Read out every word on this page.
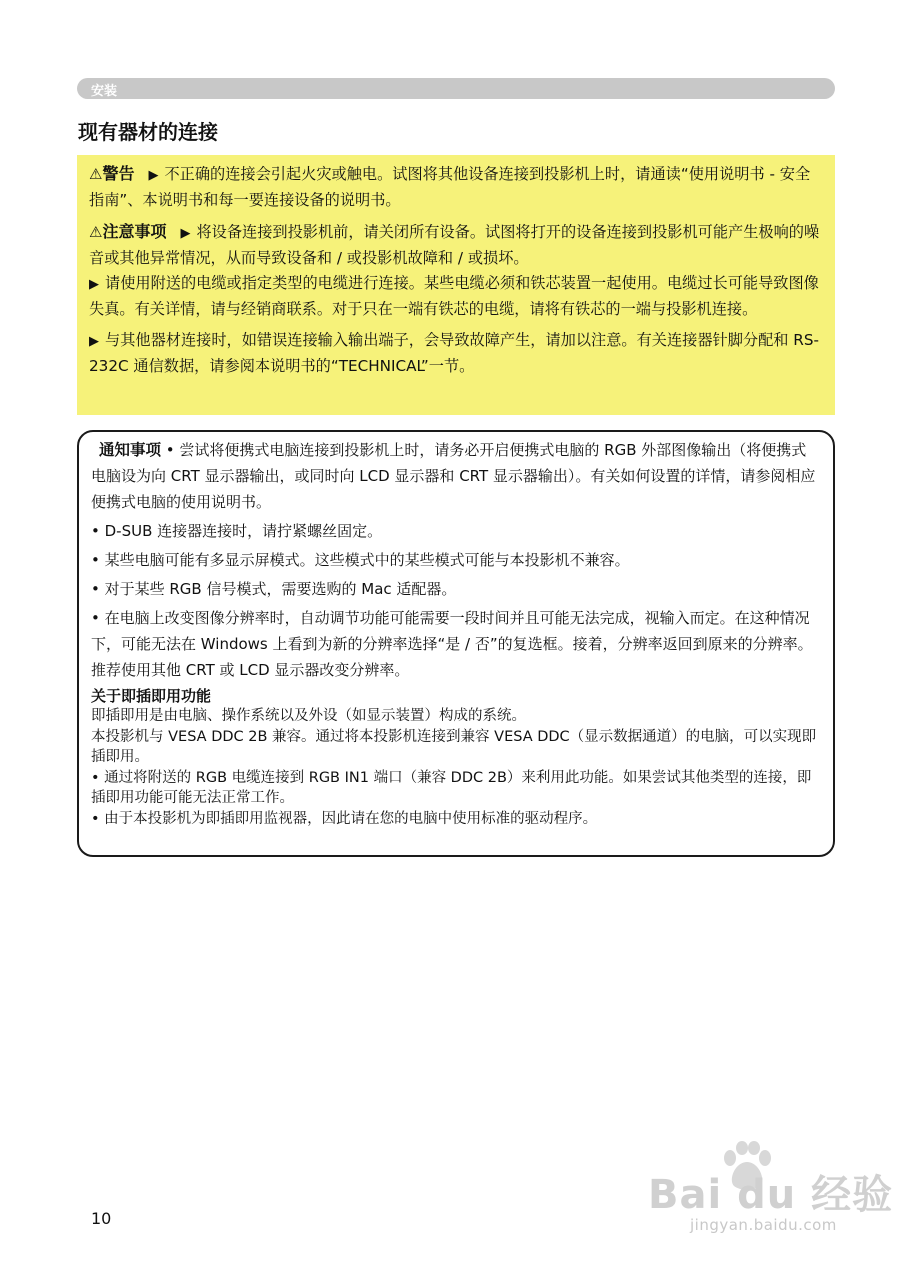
安装
现有器材的连接

⚠警告 ▶ 不正确的连接会引起火灾或触电。试图将其他设备连接到投影机上时，请通读“使用说明书 - 安全指南”、本说明书和每一要连接设备的说明书。

⚠注意事项 ▶ 将设备连接到投影机前，请关闭所有设备。试图将打开的设备连接到投影机可能产生极响的噪音或其他异常情况，从而导致设备和 / 或投影机故障和 / 或损坏。
▶ 请使用附送的电缆或指定类型的电缆进行连接。某些电缆必须和铁芯装置一起使用。电缆过长可能导致图像失真。有关详情，请与经销商联系。对于只在一端有铁芯的电缆，请将有铁芯的一端与投影机连接。

▶ 与其他器材连接时，如错误连接输入输出端子，会导致故障产生，请加以注意。有关连接器针脚分配和 RS-232C 通信数据，请参阅本说明书的“TECHNICAL”一节。

通知事项 • 尝试将便携式电脑连接到投影机上时，请务必开启便携式电脑的 RGB 外部图像输出（将便携式电脑设为向 CRT 显示器输出，或同时向 LCD 显示器和 CRT 显示器输出）。有关如何设置的详情，请参阅相应便携式电脑的使用说明书。

• D-SUB 连接器连接时，请拧紧螺丝固定。

• 某些电脑可能有多显示屏模式。这些模式中的某些模式可能与本投影机不兼容。

• 对于某些 RGB 信号模式，需要选购的 Mac 适配器。

• 在电脑上改变图像分辨率时，自动调节功能可能需要一段时间并且可能无法完成，视输入而定。在这种情况下，可能无法在 Windows 上看到为新的分辨率选择“是 / 否”的复选框。接着，分辨率返回到原来的分辨率。推荐使用其他 CRT 或 LCD 显示器改变分辨率。

关于即插即用功能

即插即用是由电脑、操作系统以及外设（如显示装置）构成的系统。

本投影机与 VESA DDC 2B 兼容。通过将本投影机连接到兼容 VESA DDC（显示数据通道）的电脑，可以实现即插即用。

• 通过将附送的 RGB 电缆连接到 RGB IN1 端口（兼容 DDC 2B）来利用此功能。如果尝试其他类型的连接，即插即用功能可能无法正常工作。

• 由于本投影机为即插即用监视器，因此请在您的电脑中使用标准的驱动程序。

10
Bai du 经验
jingyan.baidu.com
